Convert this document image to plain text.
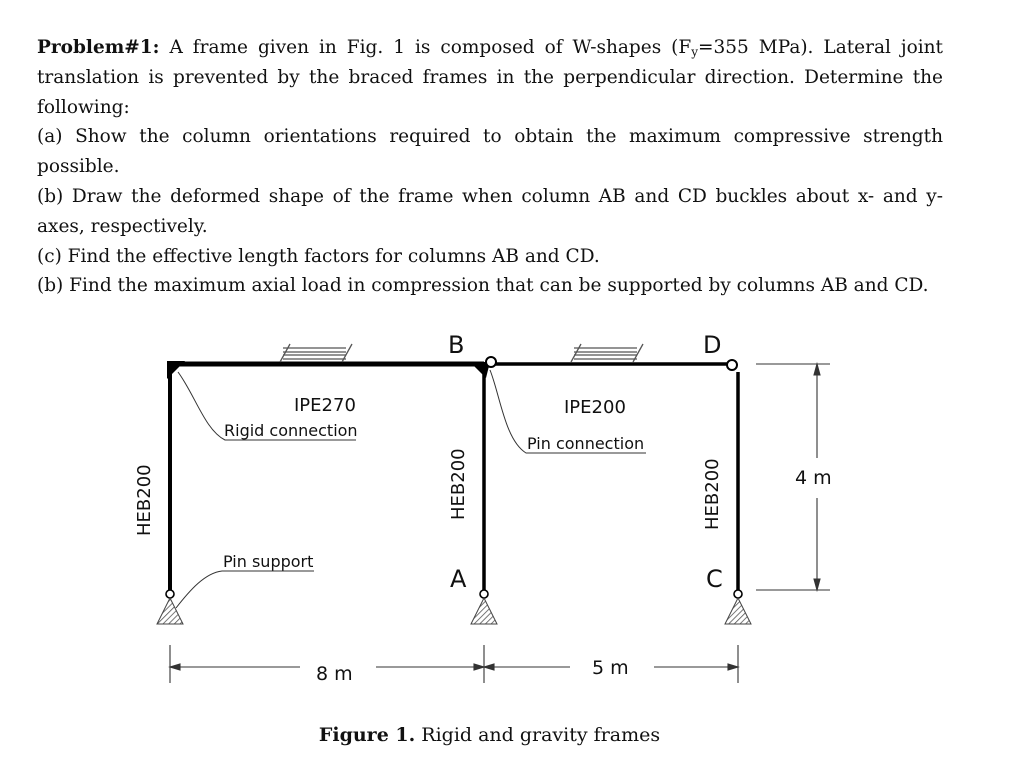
Problem#1: A frame given in Fig. 1 is composed of W-shapes ($F_y=355$ MPa). Lateral joint translation is prevented by the braced frames in the perpendicular direction. Determine the following:

(a) Show the column orientations required to obtain the maximum compressive strength possible.

(b) Draw the deformed shape of the frame when column AB and CD buckles about x- and y-axes, respectively.

(c) Find the effective length factors for columns AB and CD.

(b) Find the maximum axial load in compression that can be supported by columns AB and CD.

B	D
A	C
IPE270	IPE200
Rigid connection
Pin connection
Pin support
HEB200	HEB200	HEB200
8 m	5 m
4 m
Figure 1. Rigid and gravity frames
